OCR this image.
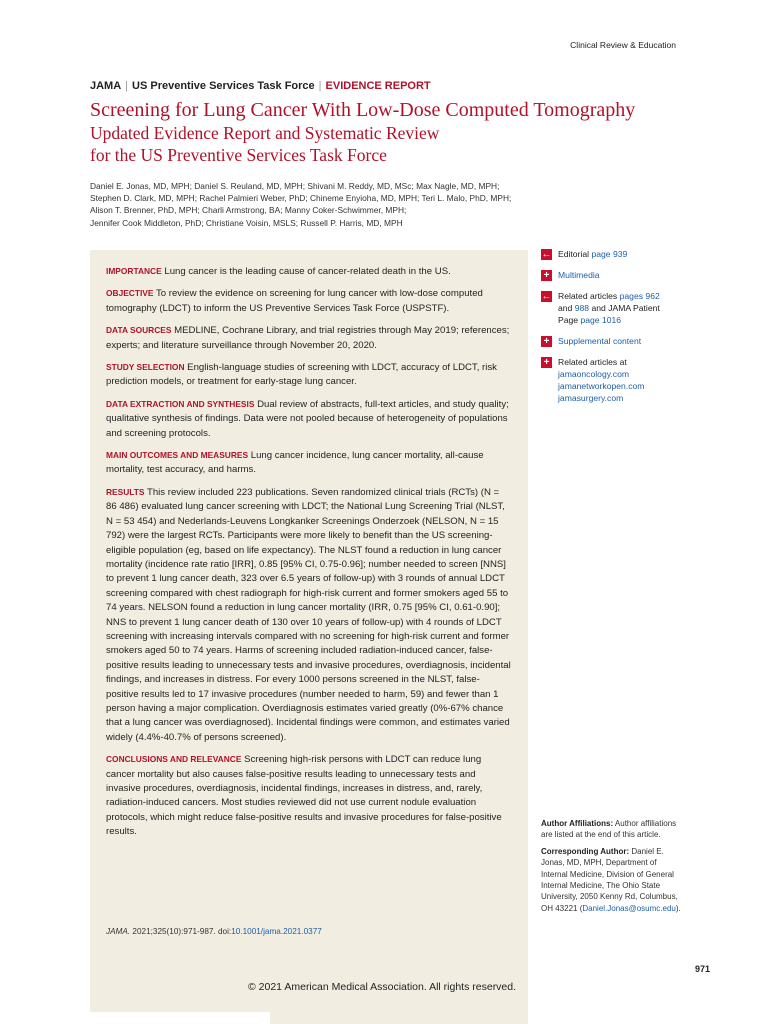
Clinical Review & Education
JAMA | US Preventive Services Task Force | EVIDENCE REPORT
Screening for Lung Cancer With Low-Dose Computed Tomography
Updated Evidence Report and Systematic Review
for the US Preventive Services Task Force
Daniel E. Jonas, MD, MPH; Daniel S. Reuland, MD, MPH; Shivani M. Reddy, MD, MSc; Max Nagle, MD, MPH;
Stephen D. Clark, MD, MPH; Rachel Palmieri Weber, PhD; Chineme Enyioha, MD, MPH; Teri L. Malo, PhD, MPH;
Alison T. Brenner, PhD, MPH; Charli Armstrong, BA; Manny Coker-Schwimmer, MPH;
Jennifer Cook Middleton, PhD; Christiane Voisin, MSLS; Russell P. Harris, MD, MPH

IMPORTANCE Lung cancer is the leading cause of cancer-related death in the US.

OBJECTIVE To review the evidence on screening for lung cancer with low-dose computed tomography (LDCT) to inform the US Preventive Services Task Force (USPSTF).

DATA SOURCES MEDLINE, Cochrane Library, and trial registries through May 2019; references; experts; and literature surveillance through November 20, 2020.

STUDY SELECTION English-language studies of screening with LDCT, accuracy of LDCT, risk prediction models, or treatment for early-stage lung cancer.

DATA EXTRACTION AND SYNTHESIS Dual review of abstracts, full-text articles, and study quality; qualitative synthesis of findings. Data were not pooled because of heterogeneity of populations and screening protocols.

MAIN OUTCOMES AND MEASURES Lung cancer incidence, lung cancer mortality, all-cause mortality, test accuracy, and harms.

RESULTS This review included 223 publications. Seven randomized clinical trials (RCTs) (N = 86 486) evaluated lung cancer screening with LDCT; the National Lung Screening Trial (NLST, N = 53 454) and Nederlands-Leuvens Longkanker Screenings Onderzoek (NELSON, N = 15 792) were the largest RCTs. Participants were more likely to benefit than the US screening-eligible population (eg, based on life expectancy). The NLST found a reduction in lung cancer mortality (incidence rate ratio [IRR], 0.85 [95% CI, 0.75-0.96]; number needed to screen [NNS] to prevent 1 lung cancer death, 323 over 6.5 years of follow-up) with 3 rounds of annual LDCT screening compared with chest radiograph for high-risk current and former smokers aged 55 to 74 years. NELSON found a reduction in lung cancer mortality (IRR, 0.75 [95% CI, 0.61-0.90]; NNS to prevent 1 lung cancer death of 130 over 10 years of follow-up) with 4 rounds of LDCT screening with increasing intervals compared with no screening for high-risk current and former smokers aged 50 to 74 years. Harms of screening included radiation-induced cancer, false-positive results leading to unnecessary tests and invasive procedures, overdiagnosis, incidental findings, and increases in distress. For every 1000 persons screened in the NLST, false-positive results led to 17 invasive procedures (number needed to harm, 59) and fewer than 1 person having a major complication. Overdiagnosis estimates varied greatly (0%-67% chance that a lung cancer was overdiagnosed). Incidental findings were common, and estimates varied widely (4.4%-40.7% of persons screened).

CONCLUSIONS AND RELEVANCE Screening high-risk persons with LDCT can reduce lung cancer mortality but also causes false-positive results leading to unnecessary tests and invasive procedures, overdiagnosis, incidental findings, increases in distress, and, rarely, radiation-induced cancers. Most studies reviewed did not use current nodule evaluation protocols, which might reduce false-positive results and invasive procedures for false-positive results.

JAMA. 2021;325(10):971-987. doi:10.1001/jama.2021.0377
© 2021 American Medical Association. All rights reserved.
← Editorial page 939
+ Multimedia
← Related articles pages 962
and 988 and JAMA Patient
Page page 1016
+ Supplemental content
+ Related articles at
jamaoncology.com
jamanetworkopen.com
jamasurgery.com

Author Affiliations: Author affiliations are listed at the end of this article.

Corresponding Author: Daniel E. Jonas, MD, MPH, Department of Internal Medicine, Division of General Internal Medicine, The Ohio State University, 2050 Kenny Rd, Columbus, OH 43221 (Daniel.Jonas@osumc.edu).

971
